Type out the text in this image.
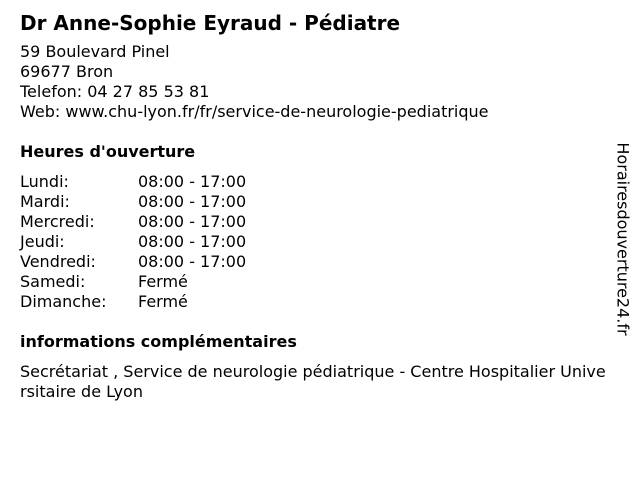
Dr Anne-Sophie Eyraud - Pédiatre
59 Boulevard Pinel
69677 Bron
Telefon: 04 27 85 53 81
Web: www.chu-lyon.fr/fr/service-de-neurologie-pediatrique
Heures d'ouverture
Lundi:	08:00 - 17:00
Mardi:	08:00 - 17:00
Mercredi:	08:00 - 17:00
Jeudi:	08:00 - 17:00
Vendredi:	08:00 - 17:00
Samedi:	Fermé
Dimanche:	Fermé
informations complémentaires
Secrétariat , Service de neurologie pédiatrique - Centre Hospitalier Universitaire de Lyon
Horairesdouverture24.fr
